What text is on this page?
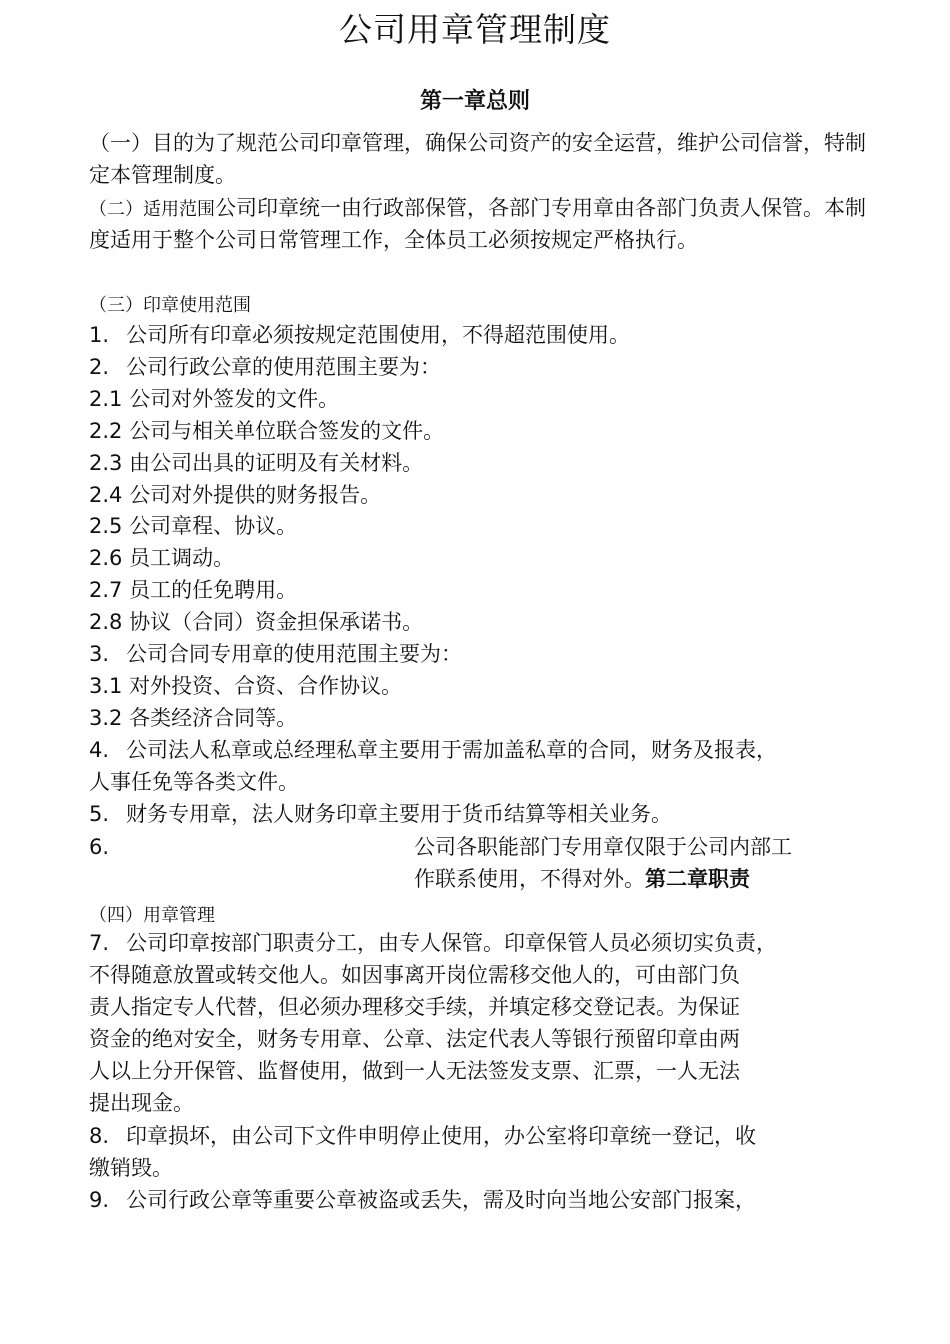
公司用章管理制度
第一章总则

（一）目的为了规范公司印章管理，确保公司资产的安全运营，维护公司信誉，特制定本管理制度。

（二）适用范围公司印章统一由行政部保管，各部门专用章由各部门负责人保管。本制度适用于整个公司日常管理工作，全体员工必须按规定严格执行。

（三）印章使用范围

1. 公司所有印章必须按规定范围使用，不得超范围使用。

2. 公司行政公章的使用范围主要为：

2.1 公司对外签发的文件。

2.2 公司与相关单位联合签发的文件。

2.3 由公司出具的证明及有关材料。

2.4 公司对外提供的财务报告。

2.5 公司章程、协议。

2.6 员工调动。

2.7 员工的任免聘用。

2.8 协议（合同）资金担保承诺书。

3. 公司合同专用章的使用范围主要为：

3.1 对外投资、合资、合作协议。

3.2 各类经济合同等。

4. 公司法人私章或总经理私章主要用于需加盖私章的合同，财务及报表，

人事任免等各类文件。

5. 财务专用章，法人财务印章主要用于货币结算等相关业务。

6.	公司各职能部门专用章仅限于公司内部工
作联系使用，不得对外。第二章职责

（四）用章管理

7. 公司印章按部门职责分工，由专人保管。印章保管人员必须切实负责，

不得随意放置或转交他人。如因事离开岗位需移交他人的，可由部门负

责人指定专人代替，但必须办理移交手续，并填定移交登记表。为保证

资金的绝对安全，财务专用章、公章、法定代表人等银行预留印章由两

人以上分开保管、监督使用，做到一人无法签发支票、汇票，一人无法

提出现金。

8. 印章损坏，由公司下文件申明停止使用，办公室将印章统一登记，收

缴销毁。

9. 公司行政公章等重要公章被盗或丢失，需及时向当地公安部门报案，
